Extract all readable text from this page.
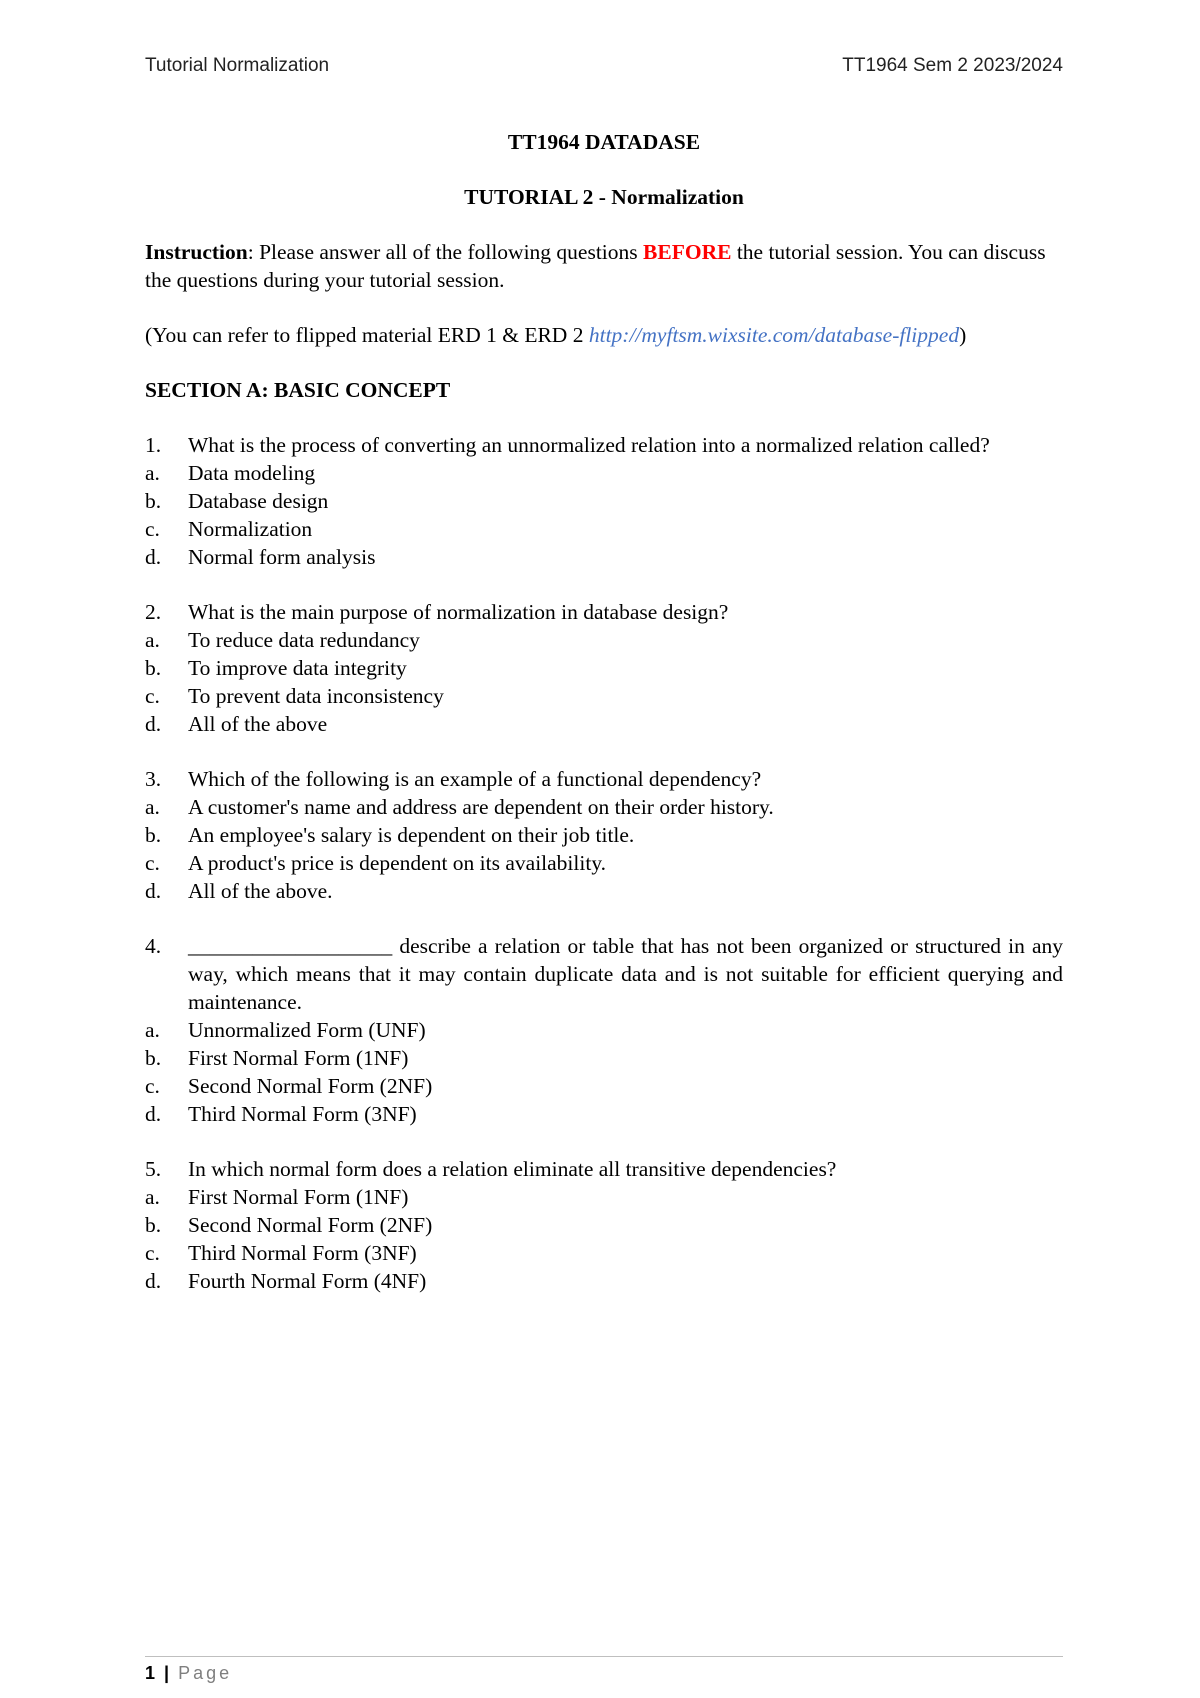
Tutorial Normalization	TT1964 Sem 2 2023/2024
TT1964 DATADASE
TUTORIAL 2 - Normalization
Instruction: Please answer all of the following questions BEFORE the tutorial session. You can discuss the questions during your tutorial session.
(You can refer to flipped material ERD 1 & ERD 2 http://myftsm.wixsite.com/database-flipped)
SECTION A: BASIC CONCEPT
1.	What is the process of converting an unnormalized relation into a normalized relation called?
a.	Data modeling
b.	Database design
c.	Normalization
d.	Normal form analysis
2.	What is the main purpose of normalization in database design?
a.	To reduce data redundancy
b.	To improve data integrity
c.	To prevent data inconsistency
d.	All of the above
3.	Which of the following is an example of a functional dependency?
a.	A customer's name and address are dependent on their order history.
b.	An employee's salary is dependent on their job title.
c.	A product's price is dependent on its availability.
d.	All of the above.
4.	___________________ describe a relation or table that has not been organized or structured in any way, which means that it may contain duplicate data and is not suitable for efficient querying and maintenance.
a.	Unnormalized Form (UNF)
b.	First Normal Form (1NF)
c.	Second Normal Form (2NF)
d.	Third Normal Form (3NF)
5.	In which normal form does a relation eliminate all transitive dependencies?
a.	First Normal Form (1NF)
b.	Second Normal Form (2NF)
c.	Third Normal Form (3NF)
d.	Fourth Normal Form (4NF)
1 | Page
